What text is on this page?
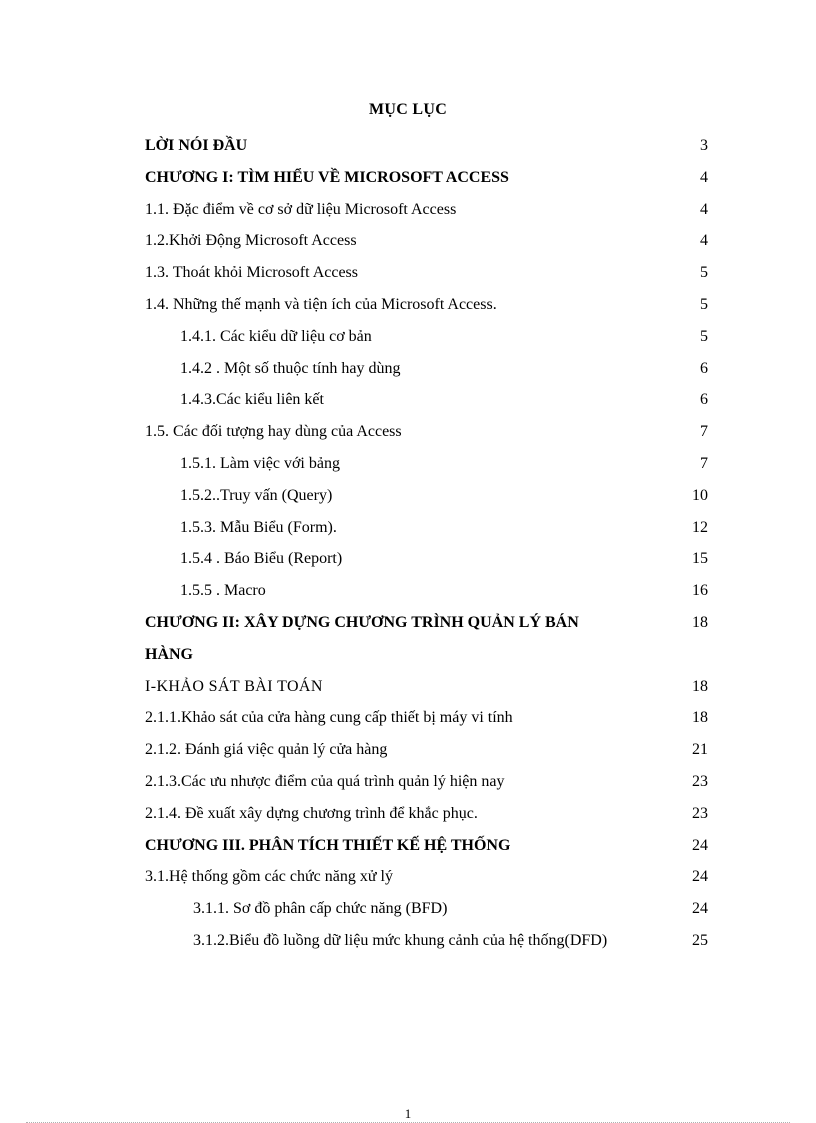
MỤC LỤC
LỜI NÓI ĐẦU	3
CHƯƠNG I: TÌM HIỂU VỀ MICROSOFT ACCESS	4
1.1. Đặc điểm về cơ sở dữ liệu Microsoft Access	4
1.2.Khởi Động Microsoft Access	4
1.3. Thoát khỏi Microsoft Access	5
1.4. Những thế mạnh và tiện ích của Microsoft Access.	5
1.4.1. Các kiểu dữ liệu cơ bản	5
1.4.2 . Một số thuộc tính hay dùng	6
1.4.3.Các kiểu liên kết	6
1.5. Các đối tượng hay dùng của Access	7
1.5.1. Làm việc với bảng	7
1.5.2..Truy vấn (Query)	10
1.5.3. Mẫu Biểu (Form).	12
1.5.4 . Báo Biểu (Report)	15
1.5.5 . Macro	16
CHƯƠNG II: XÂY DỰNG CHƯƠNG TRÌNH QUẢN LÝ BÁN	18
HÀNG
I-KHẢO SÁT BÀI TOÁN	18
2.1.1.Khảo sát của cửa hàng cung cấp thiết bị máy vi tính	18
2.1.2. Đánh giá việc quản lý cửa hàng	21
2.1.3.Các ưu nhược điểm của quá trình quản lý hiện nay	23
2.1.4. Đề xuất xây dựng chương trình để khắc phục.	23
CHƯƠNG III. PHÂN TÍCH THIẾT KẾ HỆ THỐNG	24
3.1.Hệ thống gồm các chức năng xử lý	24
3.1.1. Sơ đồ phân cấp chức năng (BFD)	24
3.1.2.Biểu đồ luồng dữ liệu mức khung cảnh của hệ thống(DFD)	25
1
